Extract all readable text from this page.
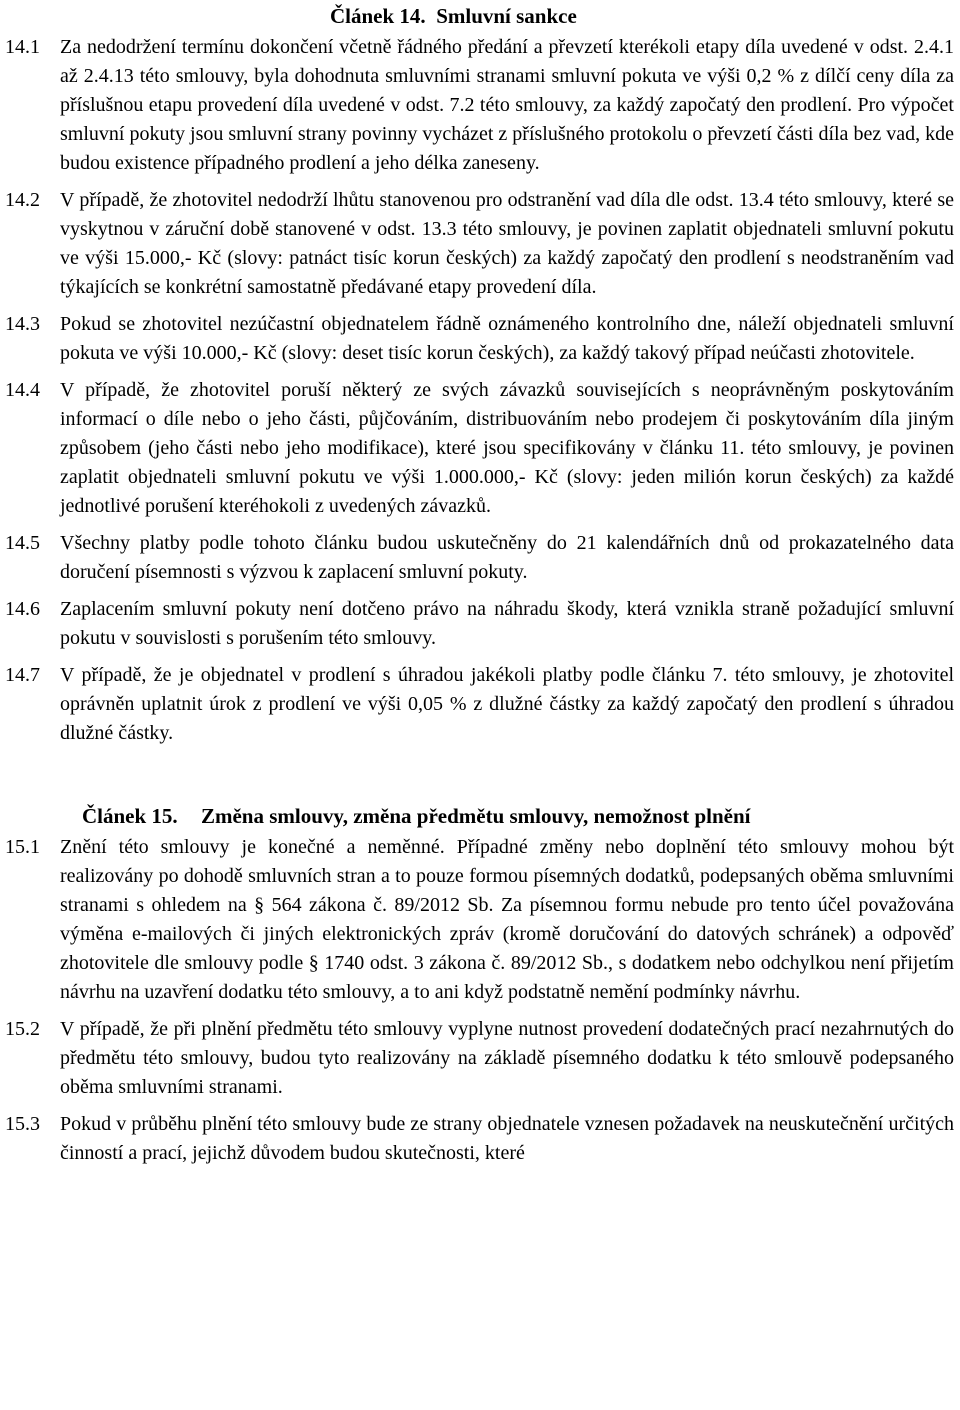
Článek 14. Smluvní sankce
14.1	Za nedodržení termínu dokončení včetně řádného předání a převzetí kterékoli etapy díla uvedené v odst. 2.4.1 až 2.4.13 této smlouvy, byla dohodnuta smluvními stranami smluvní pokuta ve výši 0,2 % z dílčí ceny díla za příslušnou etapu provedení díla uvedené v odst. 7.2 této smlouvy, za každý započatý den prodlení. Pro výpočet smluvní pokuty jsou smluvní strany povinny vycházet z příslušného protokolu o převzetí části díla bez vad, kde budou existence případného prodlení a jeho délka zaneseny.

14.2	V případě, že zhotovitel nedodrží lhůtu stanovenou pro odstranění vad díla dle odst. 13.4 této smlouvy, které se vyskytnou v záruční době stanovené v odst. 13.3 této smlouvy, je povinen zaplatit objednateli smluvní pokutu ve výši 15.000,- Kč (slovy: patnáct tisíc korun českých) za každý započatý den prodlení s neodstraněním vad týkajících se konkrétní samostatně předávané etapy provedení díla.

14.3	Pokud se zhotovitel nezúčastní objednatelem řádně oznámeného kontrolního dne, náleží objednateli smluvní pokuta ve výši 10.000,- Kč (slovy: deset tisíc korun českých), za každý takový případ neúčasti zhotovitele.

14.4	V případě, že zhotovitel poruší některý ze svých závazků souvisejících s neoprávněným poskytováním informací o díle nebo o jeho části, půjčováním, distribuováním nebo prodejem či poskytováním díla jiným způsobem (jeho části nebo jeho modifikace), které jsou specifikovány v článku 11. této smlouvy, je povinen zaplatit objednateli smluvní pokutu ve výši 1.000.000,- Kč (slovy: jeden milión korun českých) za každé jednotlivé porušení kteréhokoli z uvedených závazků.

14.5	Všechny platby podle tohoto článku budou uskutečněny do 21 kalendářních dnů od prokazatelného data doručení písemnosti s výzvou k zaplacení smluvní pokuty.

14.6	Zaplacením smluvní pokuty není dotčeno právo na náhradu škody, která vznikla straně požadující smluvní pokutu v souvislosti s porušením této smlouvy.

14.7	V případě, že je objednatel v prodlení s úhradou jakékoli platby podle článku 7. této smlouvy, je zhotovitel oprávněn uplatnit úrok z prodlení ve výši 0,05 % z dlužné částky za každý započatý den prodlení s úhradou dlužné částky.

Článek 15. Změna smlouvy, změna předmětu smlouvy, nemožnost plnění
15.1	Znění této smlouvy je konečné a neměnné. Případné změny nebo doplnění této smlouvy mohou být realizovány po dohodě smluvních stran a to pouze formou písemných dodatků, podepsaných oběma smluvními stranami s ohledem na § 564 zákona č. 89/2012 Sb. Za písemnou formu nebude pro tento účel považována výměna e-mailových či jiných elektronických zpráv (kromě doručování do datových schránek) a odpověď zhotovitele dle smlouvy podle § 1740 odst. 3 zákona č. 89/2012 Sb., s dodatkem nebo odchylkou není přijetím návrhu na uzavření dodatku této smlouvy, a to ani když podstatně nemění podmínky návrhu.

15.2	V případě, že při plnění předmětu této smlouvy vyplyne nutnost provedení dodatečných prací nezahrnutých do předmětu této smlouvy, budou tyto realizovány na základě písemného dodatku k této smlouvě podepsaného oběma smluvními stranami.

15.3	Pokud v průběhu plnění této smlouvy bude ze strany objednatele vznesen požadavek na neuskutečnění určitých činností a prací, jejichž důvodem budou skutečnosti, které
